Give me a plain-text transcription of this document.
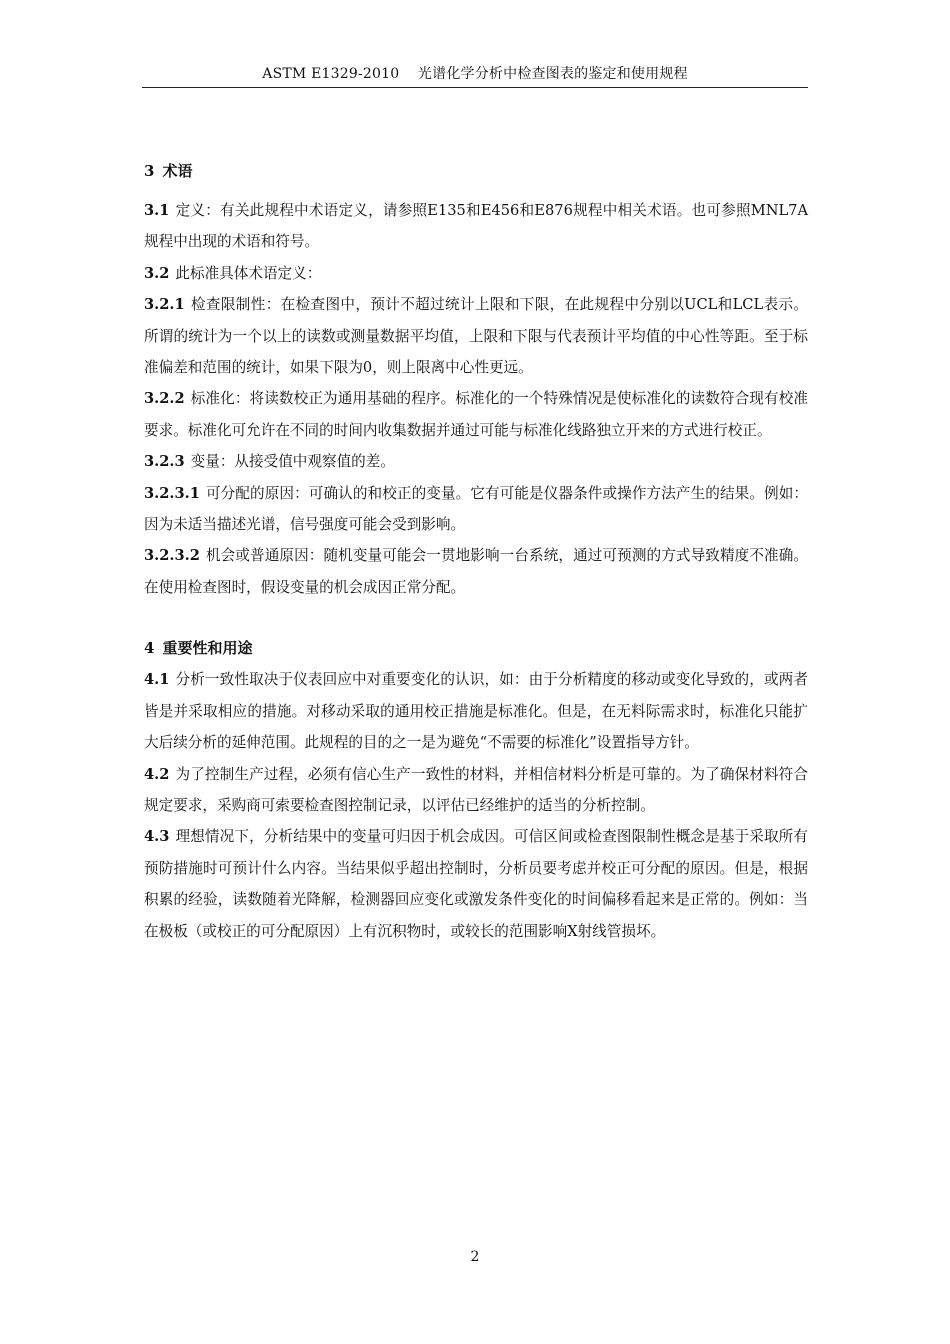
ASTM E1329-2010    光谱化学分析中检查图表的鉴定和使用规程

3 术语

3.1 定义：有关此规程中术语定义，请参照E135和E456和E876规程中相关术语。也可参照MNL7A规程中出现的术语和符号。

3.2 此标准具体术语定义：

3.2.1 检查限制性：在检查图中，预计不超过统计上限和下限，在此规程中分别以UCL和LCL表示。所谓的统计为一个以上的读数或测量数据平均值，上限和下限与代表预计平均值的中心性等距。至于标准偏差和范围的统计，如果下限为0，则上限离中心性更远。

3.2.2 标准化：将读数校正为通用基础的程序。标准化的一个特殊情况是使标准化的读数符合现有校准要求。标准化可允许在不同的时间内收集数据并通过可能与标准化线路独立开来的方式进行校正。

3.2.3 变量：从接受值中观察值的差。

3.2.3.1 可分配的原因：可确认的和校正的变量。它有可能是仪器条件或操作方法产生的结果。例如：因为未适当描述光谱，信号强度可能会受到影响。

3.2.3.2 机会或普通原因：随机变量可能会一贯地影响一台系统，通过可预测的方式导致精度不准确。在使用检查图时，假设变量的机会成因正常分配。

4 重要性和用途

4.1 分析一致性取决于仪表回应中对重要变化的认识，如：由于分析精度的移动或变化导致的，或两者皆是并采取相应的措施。对移动采取的通用校正措施是标准化。但是，在无料际需求时，标准化只能扩大后续分析的延伸范围。此规程的目的之一是为避免“不需要的标准化”设置指导方针。

4.2 为了控制生产过程，必须有信心生产一致性的材料，并相信材料分析是可靠的。为了确保材料符合规定要求，采购商可索要检查图控制记录，以评估已经维护的适当的分析控制。

4.3 理想情况下，分析结果中的变量可归因于机会成因。可信区间或检查图限制性概念是基于采取所有预防措施时可预计什么内容。当结果似乎超出控制时，分析员要考虑并校正可分配的原因。但是，根据积累的经验，读数随着光降解，检测器回应变化或激发条件变化的时间偏移看起来是正常的。例如：当在极板（或校正的可分配原因）上有沉积物时，或较长的范围影响X射线管损坏。

2
